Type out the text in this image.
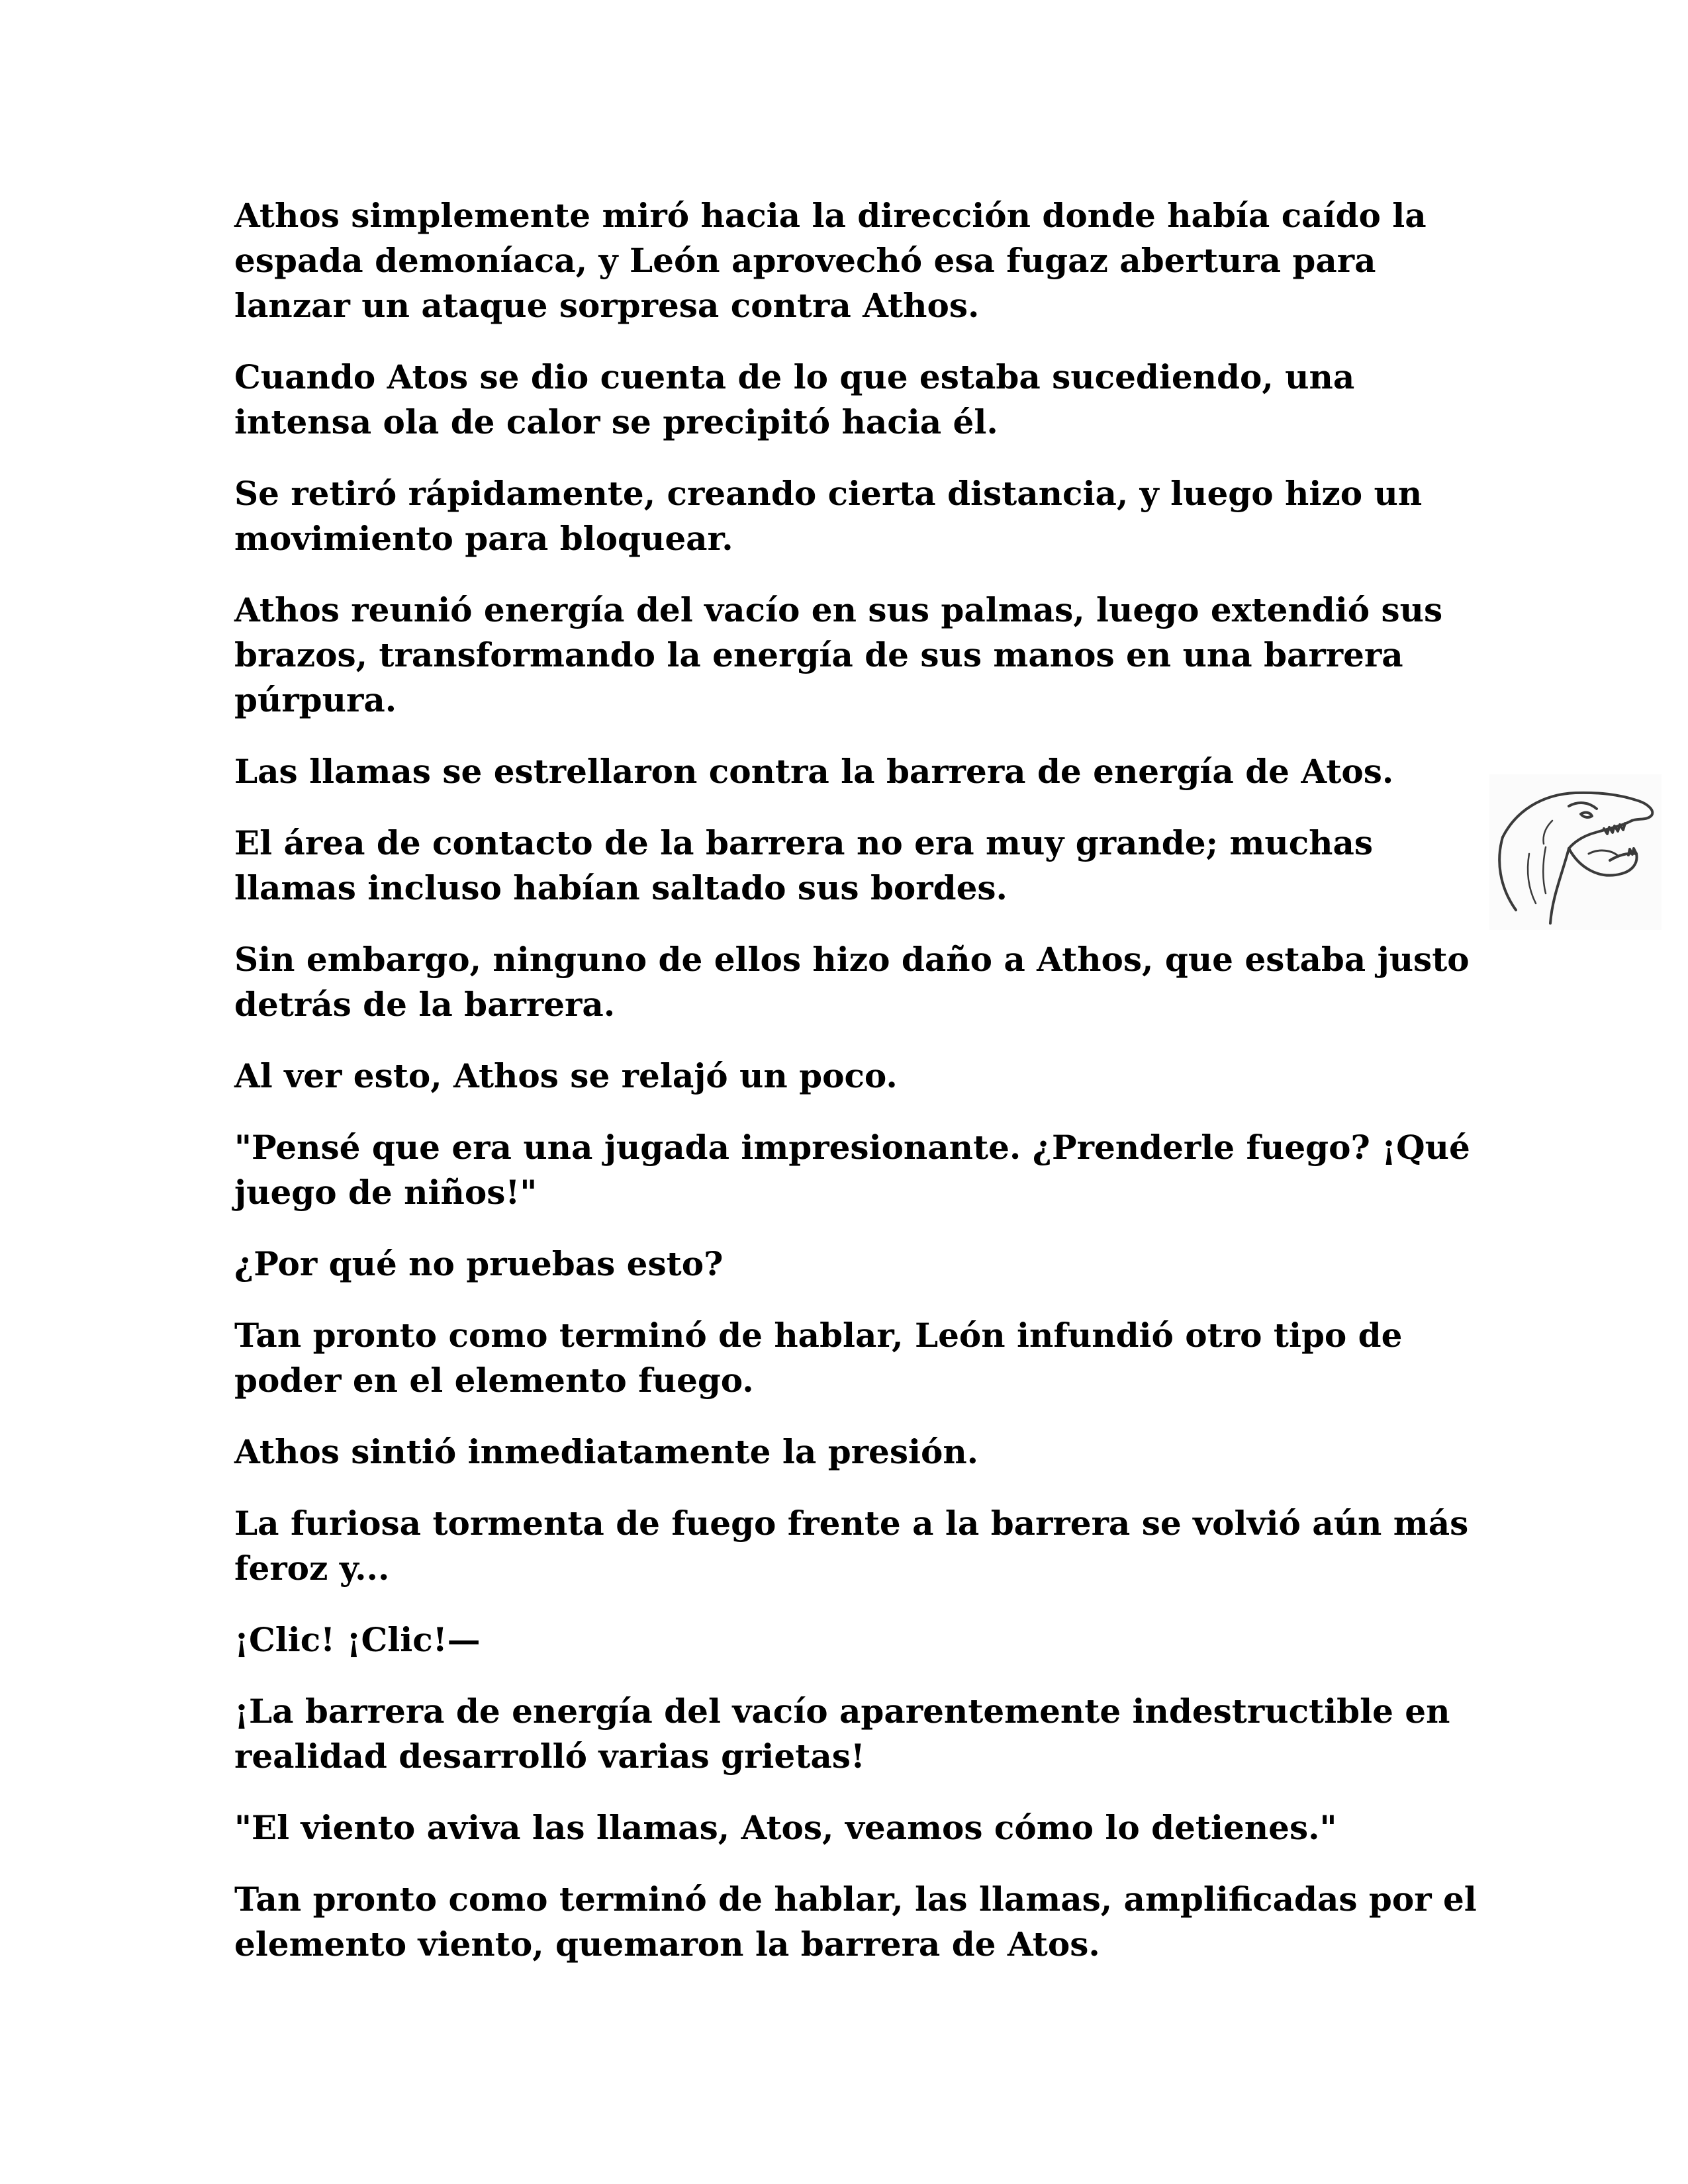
Athos simplemente miró hacia la dirección donde había caído la espada demoníaca, y León aprovechó esa fugaz abertura para lanzar un ataque sorpresa contra Athos.

Cuando Atos se dio cuenta de lo que estaba sucediendo, una intensa ola de calor se precipitó hacia él.

Se retiró rápidamente, creando cierta distancia, y luego hizo un movimiento para bloquear.

Athos reunió energía del vacío en sus palmas, luego extendió sus brazos, transformando la energía de sus manos en una barrera púrpura.

Las llamas se estrellaron contra la barrera de energía de Atos.

El área de contacto de la barrera no era muy grande; muchas llamas incluso habían saltado sus bordes.

Sin embargo, ninguno de ellos hizo daño a Athos, que estaba justo detrás de la barrera.

Al ver esto, Athos se relajó un poco.

"Pensé que era una jugada impresionante. ¿Prenderle fuego? ¡Qué juego de niños!"

¿Por qué no pruebas esto?

Tan pronto como terminó de hablar, León infundió otro tipo de poder en el elemento fuego.

Athos sintió inmediatamente la presión.

La furiosa tormenta de fuego frente a la barrera se volvió aún más feroz y...

¡Clic! ¡Clic!—

¡La barrera de energía del vacío aparentemente indestructible en realidad desarrolló varias grietas!

"El viento aviva las llamas, Atos, veamos cómo lo detienes."

Tan pronto como terminó de hablar, las llamas, amplificadas por el elemento viento, quemaron la barrera de Atos.
